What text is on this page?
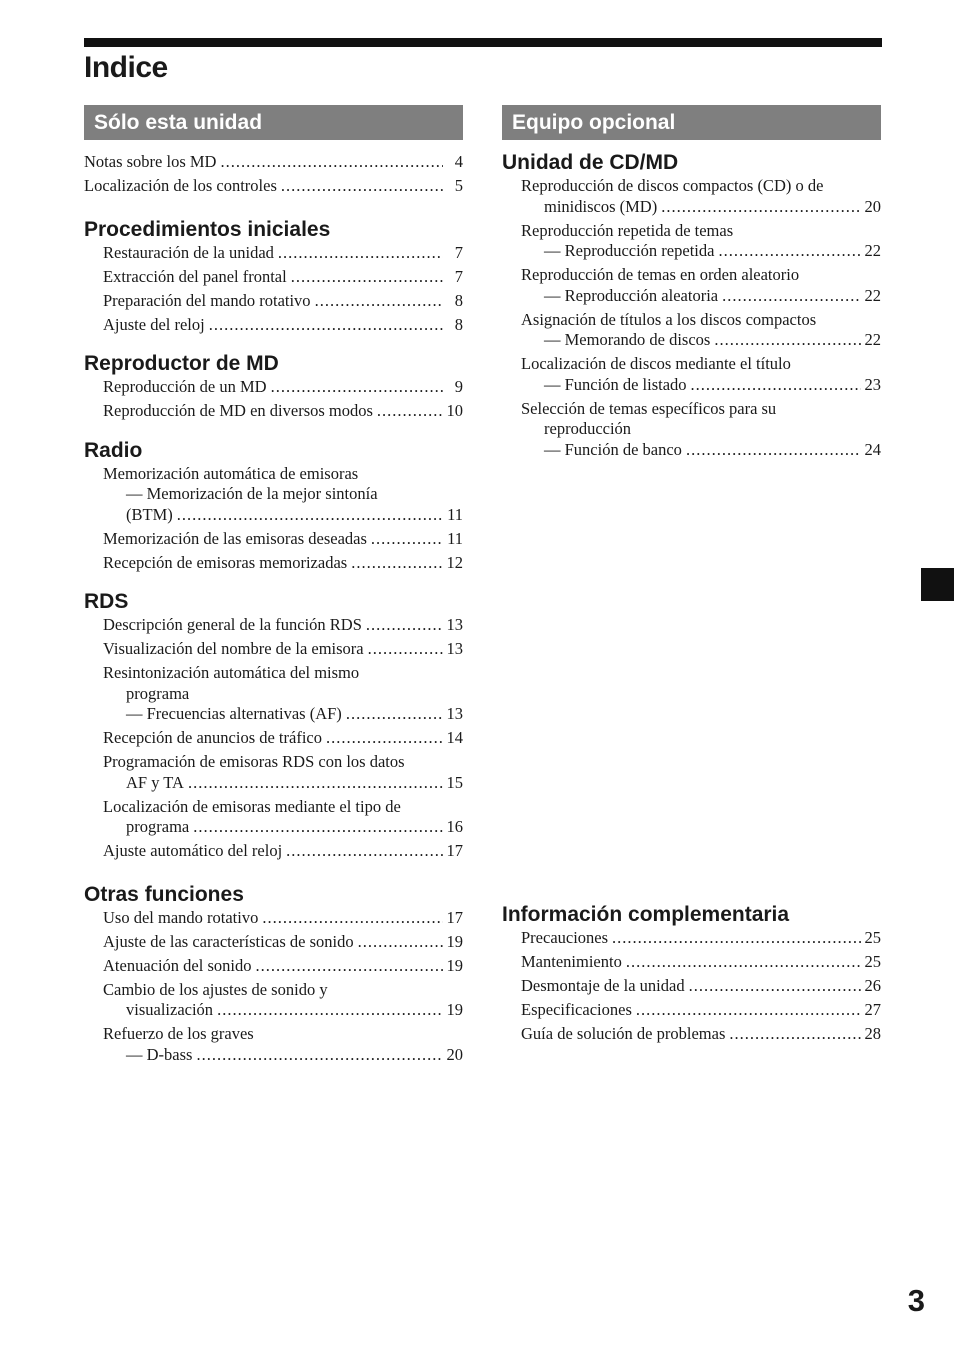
Indice
Sólo esta unidad
Notas sobre los MD .....	4
Localización de los controles .....	5
Procedimientos iniciales
Restauración de la unidad .....	7
Extracción del panel frontal .....	7
Preparación del mando rotativo .....	8
Ajuste del reloj .....	8
Reproductor de MD
Reproducción de un MD .....	9
Reproducción de MD en diversos modos .....	10
Radio
Memorización automática de emisoras
— Memorización de la mejor sintonía
(BTM) .....	11
Memorización de las emisoras deseadas .....	11
Recepción de emisoras memorizadas .....	12
RDS
Descripción general de la función RDS .....	13
Visualización del nombre de la emisora .....	13
Resintonización automática del mismo
programa
— Frecuencias alternativas (AF) .....	13
Recepción de anuncios de tráfico .....	14
Programación de emisoras RDS con los datos
AF y TA .....	15
Localización de emisoras mediante el tipo de
programa .....	16
Ajuste automático del reloj .....	17
Otras funciones
Uso del mando rotativo .....	17
Ajuste de las características de sonido .....	19
Atenuación del sonido .....	19
Cambio de los ajustes de sonido y
visualización .....	19
Refuerzo de los graves
— D-bass .....	20
Equipo opcional
Unidad de CD/MD
Reproducción de discos compactos (CD) o de
minidiscos (MD) .....	20
Reproducción repetida de temas
— Reproducción repetida .....	22
Reproducción de temas en orden aleatorio
— Reproducción aleatoria .....	22
Asignación de títulos a los discos compactos
— Memorando de discos .....	22
Localización de discos mediante el título
— Función de listado .....	23
Selección de temas específicos para su
reproducción
— Función de banco .....	24
Información complementaria
Precauciones .....	25
Mantenimiento .....	25
Desmontaje de la unidad .....	26
Especificaciones .....	27
Guía de solución de problemas .....	28
3
